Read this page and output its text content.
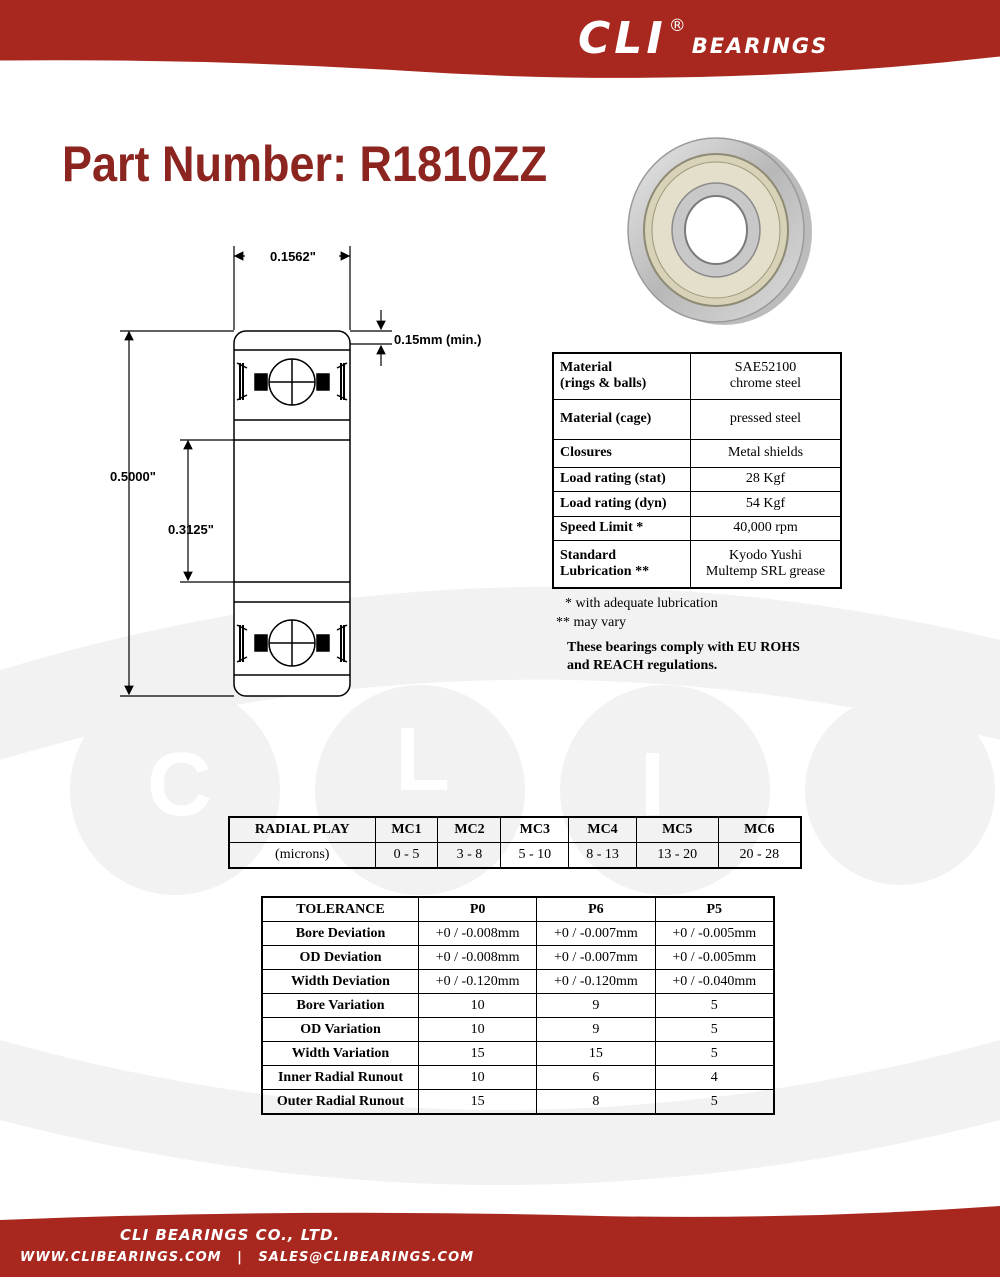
C L I
CLI ®
BEARINGS
Part Number: R1810ZZ
0.1562"
0.15mm (min.)
0.5000"
0.3125"
Material
(rings & balls)	SAE52100
chrome steel
Material (cage)	pressed steel
Closures	Metal shields
Load rating (stat)	28 Kgf
Load rating (dyn)	54 Kgf
Speed Limit *	40,000 rpm
Standard
Lubrication **	Kyodo Yushi
Multemp SRL grease
* with adequate lubrication
** may vary
These bearings comply with EU ROHS
and REACH regulations.
RADIAL PLAY	MC1	MC2	MC3	MC4	MC5	MC6
(microns)	0 - 5	3 - 8	5 - 10	8 - 13	13 - 20	20 - 28
TOLERANCE	P0	P6	P5
Bore Deviation	+0 / -0.008mm	+0 / -0.007mm	+0 / -0.005mm
OD Deviation	+0 / -0.008mm	+0 / -0.007mm	+0 / -0.005mm
Width Deviation	+0 / -0.120mm	+0 / -0.120mm	+0 / -0.040mm
Bore Variation	10	9	5
OD Variation	10	9	5
Width Variation	15	15	5
Inner Radial Runout	10	6	4
Outer Radial Runout	15	8	5
CLI BEARINGS CO., LTD.
WWW.CLIBEARINGS.COM | SALES@CLIBEARINGS.COM
